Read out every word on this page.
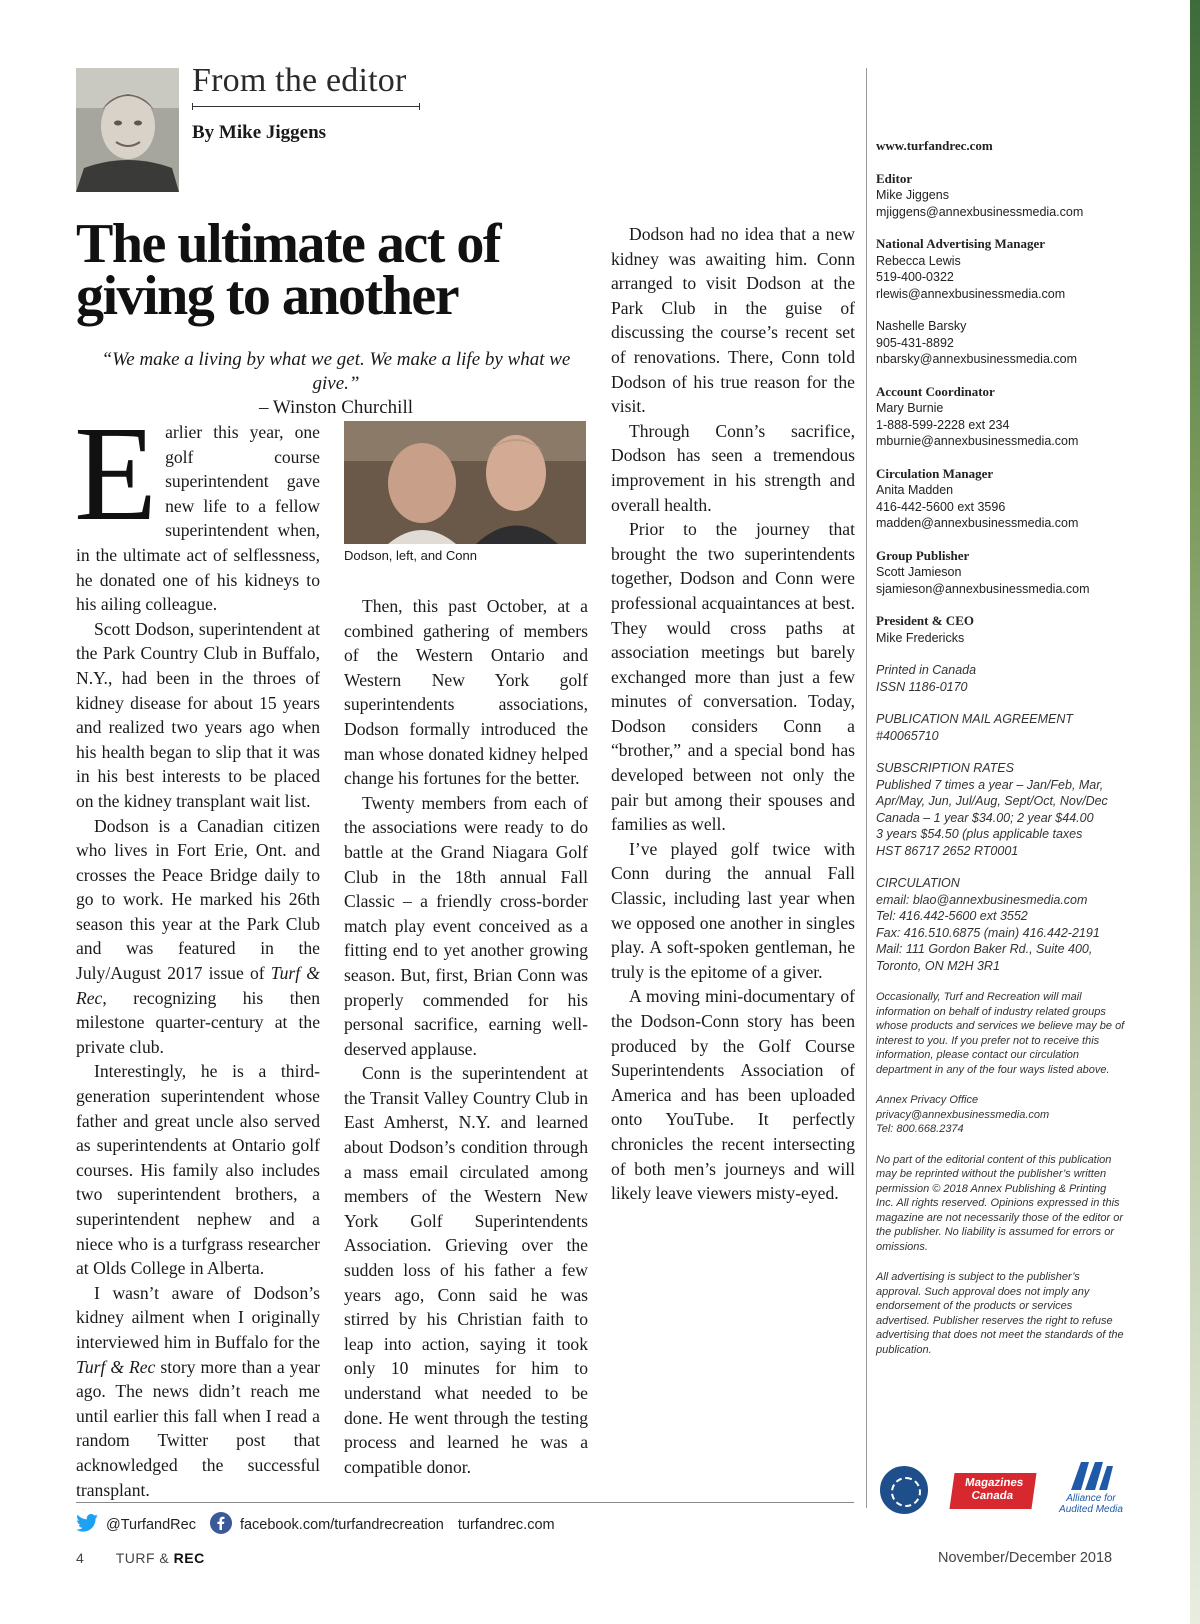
From the editor
By Mike Jiggens
The ultimate act of giving to another
“We make a living by what we get. We make a life by what we give.”
– Winston Churchill
Dodson, left, and Conn

Earlier this year, one golf course superintendent gave new life to a fellow superintendent when, in the ultimate act of selflessness, he donated one of his kidneys to his ailing colleague.

Scott Dodson, superintendent at the Park Country Club in Buffalo, N.Y., had been in the throes of kidney disease for about 15 years and realized two years ago when his health began to slip that it was in his best interests to be placed on the kidney transplant wait list.

Dodson is a Canadian citizen who lives in Fort Erie, Ont. and crosses the Peace Bridge daily to go to work. He marked his 26th season this year at the Park Club and was featured in the July/August 2017 issue of Turf & Rec, recognizing his then milestone quarter-century at the private club.

Interestingly, he is a third-generation superintendent whose father and great uncle also served as superintendents at Ontario golf courses. His family also includes two superintendent brothers, a superintendent nephew and a niece who is a turfgrass researcher at Olds College in Alberta.

I wasn’t aware of Dodson’s kidney ailment when I originally interviewed him in Buffalo for the Turf & Rec story more than a year ago. The news didn’t reach me until earlier this fall when I read a random Twitter post that acknowledged the successful transplant.

Then, this past October, at a combined gathering of members of the Western Ontario and Western New York golf superintendents associations, Dodson formally introduced the man whose donated kidney helped change his fortunes for the better.

Twenty members from each of the associations were ready to do battle at the Grand Niagara Golf Club in the 18th annual Fall Classic – a friendly cross-border match play event conceived as a fitting end to yet another growing season. But, first, Brian Conn was properly commended for his personal sacrifice, earning well-deserved applause.

Conn is the superintendent at the Transit Valley Country Club in East Amherst, N.Y. and learned about Dodson’s condition through a mass email circulated among members of the Western New York Golf Superintendents Association. Grieving over the sudden loss of his father a few years ago, Conn said he was stirred by his Christian faith to leap into action, saying it took only 10 minutes for him to understand what needed to be done. He went through the testing process and learned he was a compatible donor.

Dodson had no idea that a new kidney was awaiting him. Conn arranged to visit Dodson at the Park Club in the guise of discussing the course’s recent set of renovations. There, Conn told Dodson of his true reason for the visit.

Through Conn’s sacrifice, Dodson has seen a tremendous improvement in his strength and overall health.

Prior to the journey that brought the two superintendents together, Dodson and Conn were professional acquaintances at best. They would cross paths at association meetings but barely exchanged more than just a few minutes of conversation. Today, Dodson considers Conn a “brother,” and a special bond has developed between not only the pair but among their spouses and families as well.

I’ve played golf twice with Conn during the annual Fall Classic, including last year when we opposed one another in singles play. A soft-spoken gentleman, he truly is the epitome of a giver.

A moving mini-documentary of the Dodson-Conn story has been produced by the Golf Course Superintendents Association of America and has been uploaded onto YouTube. It perfectly chronicles the recent intersecting of both men’s journeys and will likely leave viewers misty-eyed.

www.turfandrec.com
Editor
Mike Jiggens
mjiggens@annexbusinessmedia.com
National Advertising Manager
Rebecca Lewis
519-400-0322
rlewis@annexbusinessmedia.com
Nashelle Barsky
905-431-8892
nbarsky@annexbusinessmedia.com
Account Coordinator
Mary Burnie
1-888-599-2228 ext 234
mburnie@annexbusinessmedia.com
Circulation Manager
Anita Madden
416-442-5600 ext 3596
madden@annexbusinessmedia.com
Group Publisher
Scott Jamieson
sjamieson@annexbusinessmedia.com
President & CEO
Mike Fredericks
Printed in Canada
ISSN 1186-0170
PUBLICATION MAIL AGREEMENT
#40065710
SUBSCRIPTION RATES
Published 7 times a year – Jan/Feb, Mar, Apr/May, Jun, Jul/Aug, Sept/Oct, Nov/Dec
Canada – 1 year $34.00; 2 year $44.00
3 years $54.50 (plus applicable taxes
HST 86717 2652 RT0001
CIRCULATION
email: blao@annexbusinesmedia.com
Tel: 416.442-5600 ext 3552
Fax: 416.510.6875 (main) 416.442-2191
Mail: 111 Gordon Baker Rd., Suite 400,
Toronto, ON M2H 3R1
Occasionally, Turf and Recreation will mail information on behalf of industry related groups whose products and services we believe may be of interest to you. If you prefer not to receive this information, please contact our circulation department in any of the four ways listed above.
Annex Privacy Office
privacy@annexbusinessmedia.com
Tel: 800.668.2374
No part of the editorial content of this publication may be reprinted without the publisher’s written permission © 2018 Annex Publishing & Printing Inc. All rights reserved. Opinions expressed in this magazine are not necessarily those of the editor or the publisher. No liability is assumed for errors or omissions.
All advertising is subject to the publisher’s approval. Such approval does not imply any endorsement of the products or services advertised. Publisher reserves the right to refuse advertising that does not meet the standards of the publication.
Magazines Canada	Alliance for
Audited Media
@TurfandRec	facebook.com/turfandrecreation turfandrec.com
4 TURF & REC	November/December 2018
